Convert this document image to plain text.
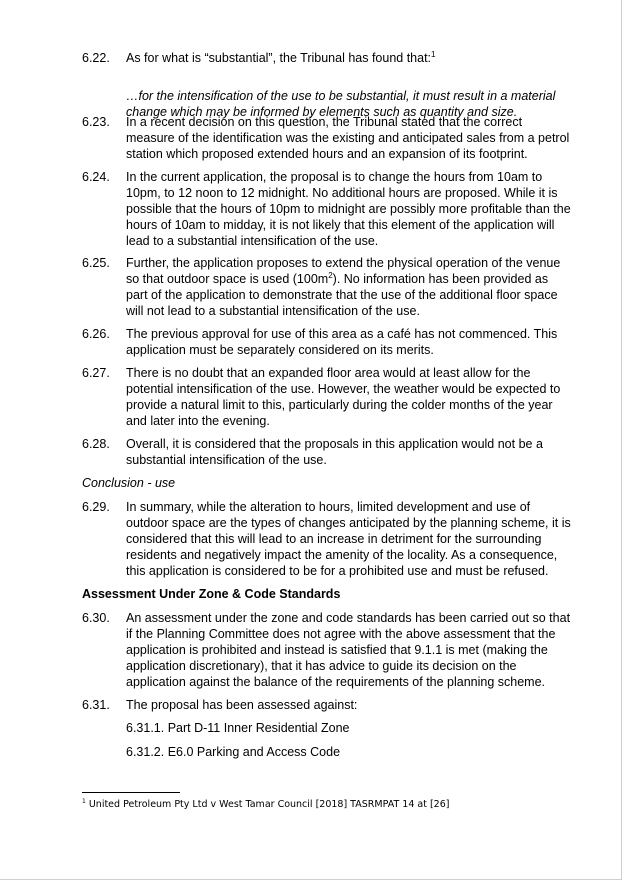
6.22. As for what is “substantial”, the Tribunal has found that:$^1$
…for the intensification of the use to be substantial, it must result in a material change which may be informed by elements such as quantity and size.
6.23. In a recent decision on this question, the Tribunal stated that the correct measure of the identification was the existing and anticipated sales from a petrol station which proposed extended hours and an expansion of its footprint.
6.24. In the current application, the proposal is to change the hours from 10am to 10pm, to 12 noon to 12 midnight. No additional hours are proposed. While it is possible that the hours of 10pm to midnight are possibly more profitable than the hours of 10am to midday, it is not likely that this element of the application will lead to a substantial intensification of the use.
6.25. Further, the application proposes to extend the physical operation of the venue so that outdoor space is used $(100m^2)$. No information has been provided as part of the application to demonstrate that the use of the additional floor space will not lead to a substantial intensification of the use.
6.26. The previous approval for use of this area as a café has not commenced. This application must be separately considered on its merits.
6.27. There is no doubt that an expanded floor area would at least allow for the potential intensification of the use. However, the weather would be expected to provide a natural limit to this, particularly during the colder months of the year and later into the evening.
6.28. Overall, it is considered that the proposals in this application would not be a substantial intensification of the use.
Conclusion - use
6.29. In summary, while the alteration to hours, limited development and use of outdoor space are the types of changes anticipated by the planning scheme, it is considered that this will lead to an increase in detriment for the surrounding residents and negatively impact the amenity of the locality. As a consequence, this application is considered to be for a prohibited use and must be refused.
Assessment Under Zone & Code Standards
6.30. An assessment under the zone and code standards has been carried out so that if the Planning Committee does not agree with the above assessment that the application is prohibited and instead is satisfied that 9.1.1 is met (making the application discretionary), that it has advice to guide its decision on the application against the balance of the requirements of the planning scheme.
6.31. The proposal has been assessed against:
6.31.1. Part D-11 Inner Residential Zone
6.31.2. E6.0 Parking and Access Code
$^1$ United Petroleum Pty Ltd v West Tamar Council [2018] TASRMPAT 14 at [26]
